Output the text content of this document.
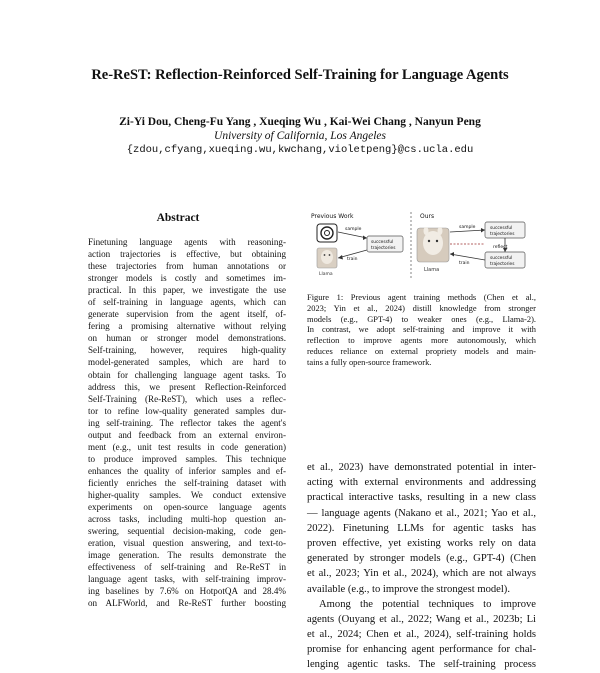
Re-ReST: Reflection-Reinforced Self-Training for Language Agents
Zi-Yi Dou, Cheng-Fu Yang , Xueqing Wu , Kai-Wei Chang , Nanyun Peng
University of California, Los Angeles
{zdou,cfyang,xueqing.wu,kwchang,violetpeng}@cs.ucla.edu
Abstract
Finetuning language agents with reasoning-
action trajectories is effective, but obtaining
these trajectories from human annotations or
stronger models is costly and sometimes im-
practical. In this paper, we investigate the use
of self-training in language agents, which can
generate supervision from the agent itself, of-
fering a promising alternative without relying
on human or stronger model demonstrations.
Self-training, however, requires high-quality
model-generated samples, which are hard to
obtain for challenging language agent tasks. To
address this, we present Reflection-Reinforced
Self-Training (Re-ReST), which uses a reflec-
tor to refine low-quality generated samples dur-
ing self-training. The reflector takes the agent's
output and feedback from an external environ-
ment (e.g., unit test results in code generation)
to produce improved samples. This technique
enhances the quality of inferior samples and ef-
ficiently enriches the self-training dataset with
higher-quality samples. We conduct extensive
experiments on open-source language agents
across tasks, including multi-hop question an-
swering, sequential decision-making, code gen-
eration, visual question answering, and text-to-
image generation. The results demonstrate the
effectiveness of self-training and Re-ReST in
language agent tasks, with self-training improv-
ing baselines by 7.6% on HotpotQA and 28.4%
on ALFWorld, and Re-ReST further boosting
Previous Work	Ours
Llama
sample
train
successful
trajectories
Llama
successful
trajectories
successful
trajectories
sample
reflect
train
Figure 1: Previous agent training methods (Chen et al.,
2023; Yin et al., 2024) distill knowledge from stronger
models (e.g., GPT-4) to weaker ones (e.g., Llama-2).
In contrast, we adopt self-training and improve it with
reflection to improve agents more autonomously, which
reduces reliance on external propriety models and main-
tains a fully open-source framework.
et al., 2023) have demonstrated potential in inter-
acting with external environments and addressing
practical interactive tasks, resulting in a new class
— language agents (Nakano et al., 2021; Yao et al.,
2022). Finetuning LLMs for agentic tasks has
proven effective, yet existing works rely on data
generated by stronger models (e.g., GPT-4) (Chen
et al., 2023; Yin et al., 2024), which are not always
available (e.g., to improve the strongest model).
Among the potential techniques to improve
agents (Ouyang et al., 2022; Wang et al., 2023b; Li
et al., 2024; Chen et al., 2024), self-training holds
promise for enhancing agent performance for chal-
lenging agentic tasks. The self-training process
